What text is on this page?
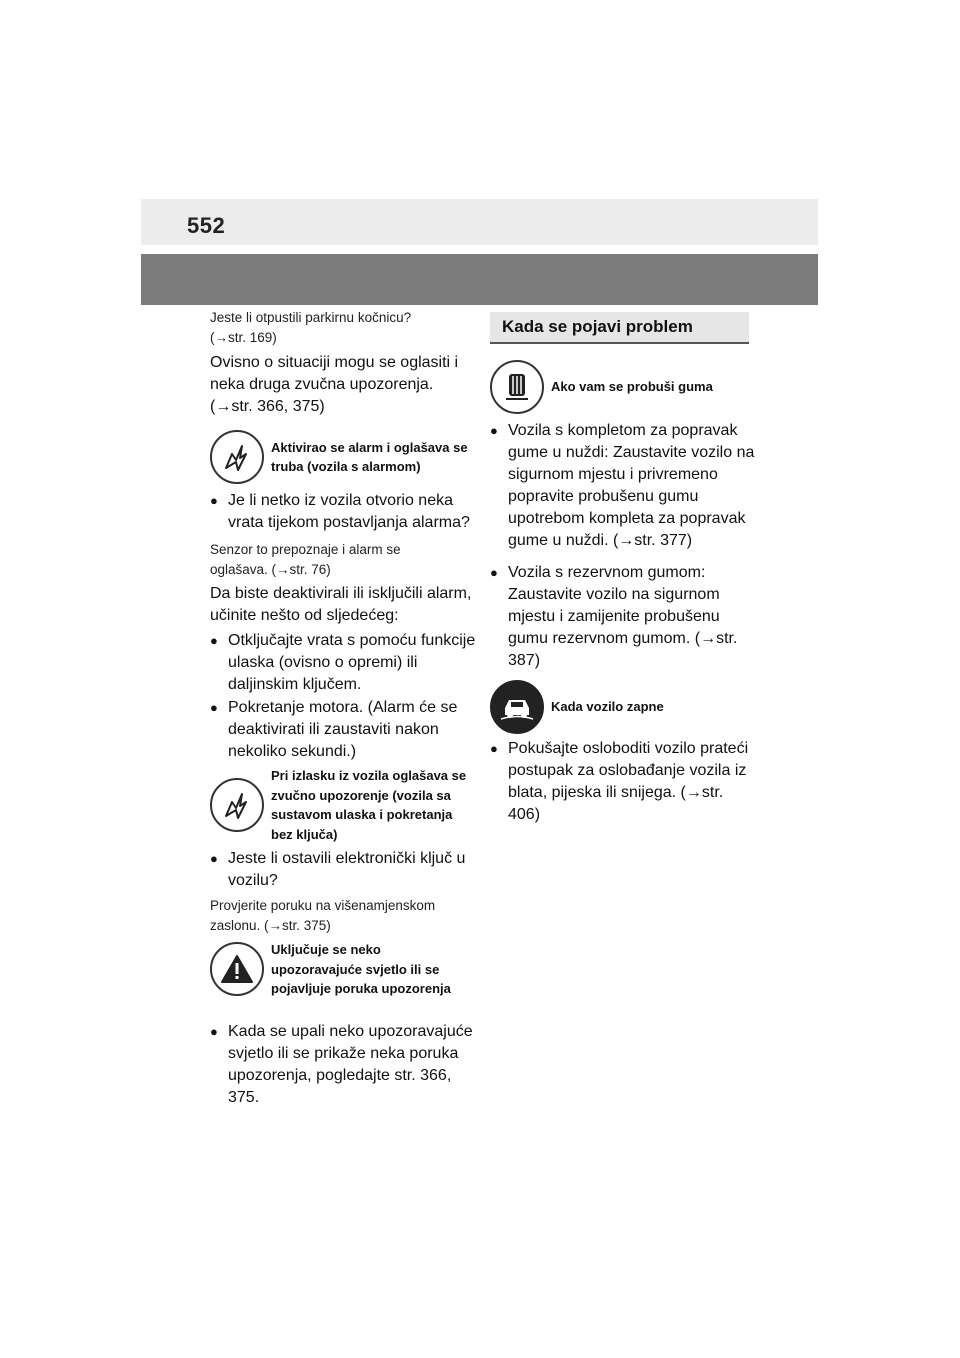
552

Jeste li otpustili parkirnu kočnicu? (→str. 169)

Ovisno o situaciji mogu se oglasiti i neka druga zvučna upozorenja. (→str. 366, 375)

Aktivirao se alarm i oglašava se truba (vozila s alarmom)

● Je li netko iz vozila otvorio neka vrata tijekom postavljanja alarma?

Senzor to prepoznaje i alarm se oglašava. (→str. 76)

Da biste deaktivirali ili isključili alarm, učinite nešto od sljedećeg:

● Otključajte vrata s pomoću funkcije ulaska (ovisno o opremi) ili daljinskim ključem.

● Pokretanje motora. (Alarm će se deaktivirati ili zaustaviti nakon nekoliko sekundi.)

Pri izlasku iz vozila oglašava se zvučno upozorenje (vozila sa sustavom ulaska i pokretanja bez ključa)

● Jeste li ostavili elektronički ključ u vozilu?

Provjerite poruku na višenamjenskom zaslonu. (→str. 375)

Uključuje se neko upozoravajuće svjetlo ili se pojavljuje poruka upozorenja

● Kada se upali neko upozoravajuće svjetlo ili se prikaže neka poruka upozorenja, pogledajte str. 366, 375.

Kada se pojavi problem
Ako vam se probuši guma

● Vozila s kompletom za popravak gume u nuždi: Zaustavite vozilo na sigurnom mjestu i privremeno popravite probušenu gumu upotrebom kompleta za popravak gume u nuždi. (→str. 377)

● Vozila s rezervnom gumom: Zaustavite vozilo na sigurnom mjestu i zamijenite probušenu gumu rezervnom gumom. (→str. 387)

Kada vozilo zapne

● Pokušajte osloboditi vozilo prateći postupak za oslobađanje vozila iz blata, pijeska ili snijega. (→str. 406)
